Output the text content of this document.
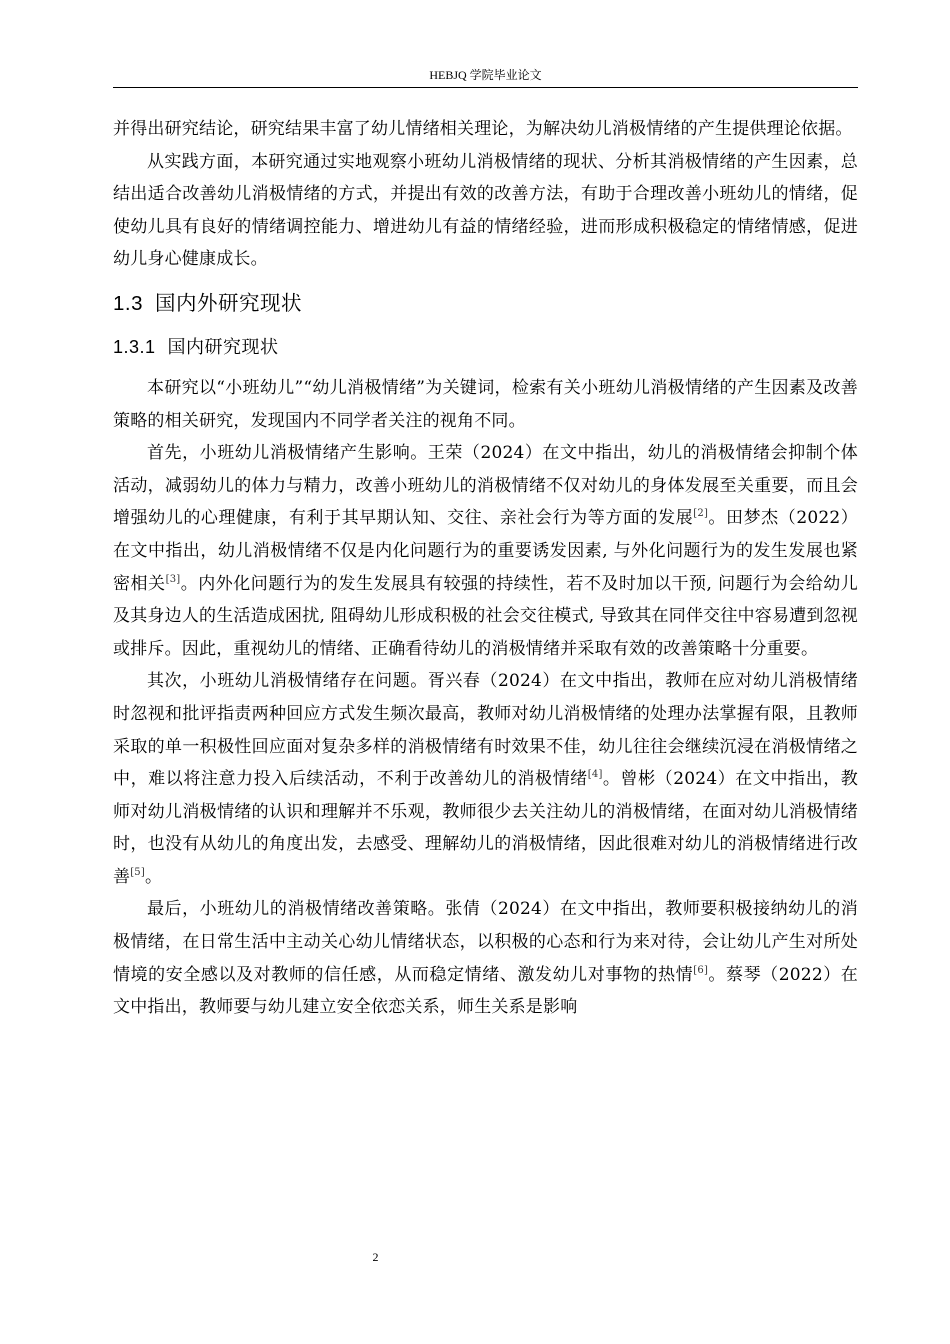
HEBJQ 学院毕业论文

并得出研究结论，研究结果丰富了幼儿情绪相关理论，为解决幼儿消极情绪的产生提供理论依据。

从实践方面，本研究通过实地观察小班幼儿消极情绪的现状、分析其消极情绪的产生因素，总结出适合改善幼儿消极情绪的方式，并提出有效的改善方法，有助于合理改善小班幼儿的情绪，促使幼儿具有良好的情绪调控能力、增进幼儿有益的情绪经验，进而形成积极稳定的情绪情感，促进幼儿身心健康成长。

1.3 国内外研究现状
1.3.1 国内研究现状

本研究以“小班幼儿”“幼儿消极情绪”为关键词，检索有关小班幼儿消极情绪的产生因素及改善策略的相关研究，发现国内不同学者关注的视角不同。

首先，小班幼儿消极情绪产生影响。王荣（2024）在文中指出，幼儿的消极情绪会抑制个体活动，减弱幼儿的体力与精力，改善小班幼儿的消极情绪不仅对幼儿的身体发展至关重要，而且会增强幼儿的心理健康，有利于其早期认知、交往、亲社会行为等方面的发展[2]。田梦杰（2022）在文中指出，幼儿消极情绪不仅是内化问题行为的重要诱发因素, 与外化问题行为的发生发展也紧密相关[3]。内外化问题行为的发生发展具有较强的持续性，若不及时加以干预, 问题行为会给幼儿及其身边人的生活造成困扰, 阻碍幼儿形成积极的社会交往模式, 导致其在同伴交往中容易遭到忽视或排斥。因此，重视幼儿的情绪、正确看待幼儿的消极情绪并采取有效的改善策略十分重要。

其次，小班幼儿消极情绪存在问题。胥兴春（2024）在文中指出，教师在应对幼儿消极情绪时忽视和批评指责两种回应方式发生频次最高，教师对幼儿消极情绪的处理办法掌握有限，且教师采取的单一积极性回应面对复杂多样的消极情绪有时效果不佳，幼儿往往会继续沉浸在消极情绪之中，难以将注意力投入后续活动，不利于改善幼儿的消极情绪[4]。曾彬（2024）在文中指出，教师对幼儿消极情绪的认识和理解并不乐观，教师很少去关注幼儿的消极情绪，在面对幼儿消极情绪时，也没有从幼儿的角度出发，去感受、理解幼儿的消极情绪，因此很难对幼儿的消极情绪进行改善[5]。

最后，小班幼儿的消极情绪改善策略。张倩（2024）在文中指出，教师要积极接纳幼儿的消极情绪，在日常生活中主动关心幼儿情绪状态，以积极的心态和行为来对待，会让幼儿产生对所处情境的安全感以及对教师的信任感，从而稳定情绪、激发幼儿对事物的热情[6]。蔡琴（2022）在文中指出，教师要与幼儿建立安全依恋关系，师生关系是影响

2
